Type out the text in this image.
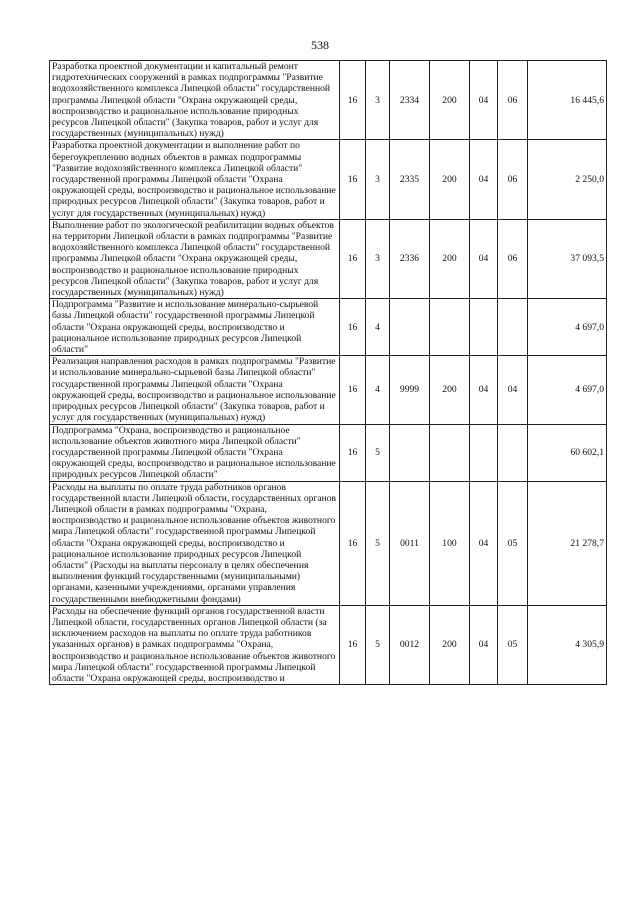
538
Разработка проектной документации и капитальный ремонт гидротехнических сооружений в рамках подпрограммы "Развитие водохозяйственного комплекса Липецкой области" государственной программы Липецкой области "Охрана окружающей среды, воспроизводство и рациональное использование природных ресурсов Липецкой области" (Закупка товаров, работ и услуг для государственных (муниципальных) нужд)	16	3	2334	200	04	06	16 445,6
Разработка проектной документации и выполнение работ по берегоукреплению водных объектов в рамках подпрограммы "Развитие водохозяйственного комплекса Липецкой области" государственной программы Липецкой области "Охрана окружающей среды, воспроизводство и рациональное использование природных ресурсов Липецкой области" (Закупка товаров, работ и услуг для государственных (муниципальных) нужд)	16	3	2335	200	04	06	2 250,0
Выполнение работ по экологической реабилитации водных объектов на территории Липецкой области в рамках подпрограммы "Развитие водохозяйственного комплекса Липецкой области" государственной программы Липецкой области "Охрана окружающей среды, воспроизводство и рациональное использование природных ресурсов Липецкой области" (Закупка товаров, работ и услуг для государственных (муниципальных) нужд)	16	3	2336	200	04	06	37 093,5
Подпрограмма "Развитие и использование минерально-сырьевой базы Липецкой области" государственной программы Липецкой области "Охрана окружающей среды, воспроизводство и рациональное использование природных ресурсов Липецкой области"	16	4					4 697,0
Реализация направления расходов в рамках подпрограммы "Развитие и использование минерально-сырьевой базы Липецкой области" государственной программы Липецкой области "Охрана окружающей среды, воспроизводство и рациональное использование природных ресурсов Липецкой области" (Закупка товаров, работ и услуг для государственных (муниципальных) нужд)	16	4	9999	200	04	04	4 697,0
Подпрограмма "Охрана, воспроизводство и рациональное использование объектов животного мира Липецкой области" государственной программы Липецкой области "Охрана окружающей среды, воспроизводство и рациональное использование природных ресурсов Липецкой области"	16	5					60 602,1
Расходы на выплаты по оплате труда работников органов государственной власти Липецкой области, государственных органов Липецкой области в рамках подпрограммы "Охрана, воспроизводство и рациональное использование объектов животного мира Липецкой области" государственной программы Липецкой области "Охрана окружающей среды, воспроизводство и рациональное использование природных ресурсов Липецкой области" (Расходы на выплаты персоналу в целях обеспечения выполнения функций государственными (муниципальными) органами, казенными учреждениями, органами управления государственными внебюджетными фондами)	16	5	0011	100	04	05	21 278,7
Расходы на обеспечение функций органов государственной власти Липецкой области, государственных органов Липецкой области (за исключением расходов на выплаты по оплате труда работников указанных органов) в рамках подпрограммы "Охрана, воспроизводство и рациональное использование объектов животного мира Липецкой области" государственной программы Липецкой области "Охрана окружающей среды, воспроизводство и	16	5	0012	200	04	05	4 305,9
